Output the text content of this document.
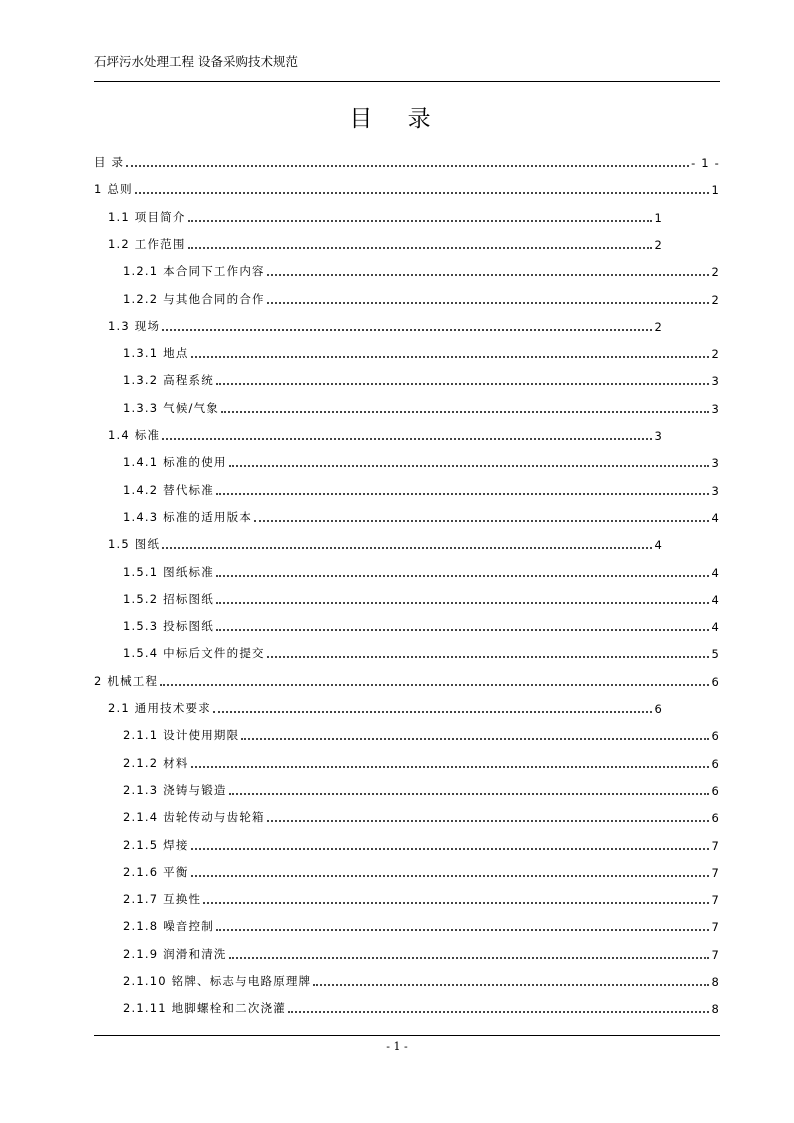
石坪污水处理工程 设备采购技术规范
目 录
目 录	- 1 -
1 总则	1
1.1 项目简介	1
1.2 工作范围	2
1.2.1 本合同下工作内容	2
1.2.2 与其他合同的合作	2
1.3 现场	2
1.3.1 地点	2
1.3.2 高程系统	3
1.3.3 气候/气象	3
1.4 标准	3
1.4.1 标准的使用	3
1.4.2 替代标准	3
1.4.3 标准的适用版本	4
1.5 图纸	4
1.5.1 图纸标准	4
1.5.2 招标图纸	4
1.5.3 投标图纸	4
1.5.4 中标后文件的提交	5
2 机械工程	6
2.1 通用技术要求	6
2.1.1 设计使用期限	6
2.1.2 材料	6
2.1.3 浇铸与锻造	6
2.1.4 齿轮传动与齿轮箱	6
2.1.5 焊接	7
2.1.6 平衡	7
2.1.7 互换性	7
2.1.8 噪音控制	7
2.1.9 润滑和清洗	7
2.1.10 铭牌、标志与电路原理牌	8
2.1.11 地脚螺栓和二次浇灌	8
- 1 -
